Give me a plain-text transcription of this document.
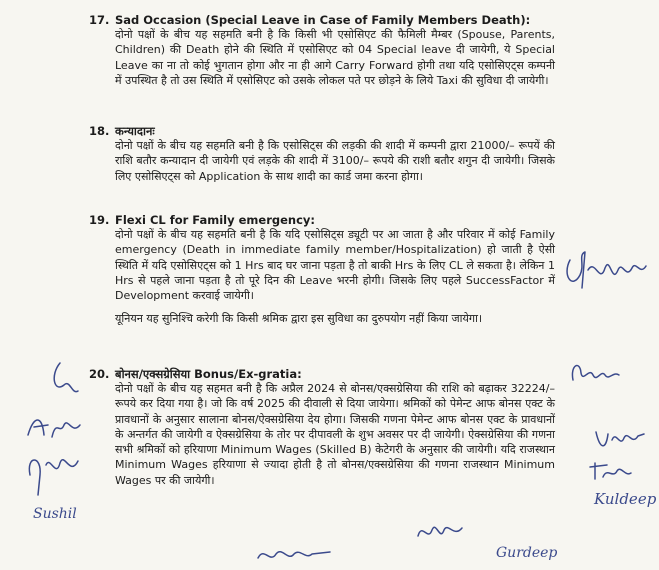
17. Sad Occasion (Special Leave in Case of Family Members Death):

दोनो पक्षों के बीच यह सहमति बनी है कि किसी भी एसोसिएट की फैमिली मैम्बर (Spouse, Parents, Children) की Death होने की स्थिति में एसोसिएट को 04 Special leave दी जायेगी, ये Special Leave का ना तो कोई भुगतान होगा और ना ही आगे Carry Forward होगी तथा यदि एसोसिएट्स कम्पनी में उपस्थित है तो उस स्थिति में एसोसिएट को उसके लोकल पते पर छोड़ने के लिये Taxi की सुविधा दी जायेगी।

18. कन्यादानः

दोनो पक्षों के बीच यह सहमति बनी है कि एसोसिट्स की लड़की की शादी में कम्पनी द्वारा 21000/– रूपयें की राशि बतौर कन्यादान दी जायेगी एवं लड़के की शादी में 3100/– रूपये की राशी बतौर शगुन दी जायेगी। जिसके लिए एसोसिएट्स को Application के साथ शादी का कार्ड जमा करना होगा।

19. Flexi CL for Family emergency:

दोनो पक्षों के बीच यह सहमति बनी है कि यदि एसोसिट्स ड्यूटी पर आ जाता है और परिवार में कोई Family emergency (Death in immediate family member/Hospitalization) हो जाती है ऐसी स्थिति में यदि एसोसिएट्स को 1 Hrs बाद घर जाना पड़ता है तो बाकी Hrs के लिए CL ले सकता है। लेकिन 1 Hrs से पहले जाना पड़ता है तो पूरे दिन की Leave भरनी होगी। जिसके लिए पहले SuccessFactor में Development करवाई जायेगी।

यूनियन यह सुनिश्चि करेगी कि किसी श्रमिक द्वारा इस सुविधा का दुरुपयोग नहीं किया जायेगा।

20. बोनस/एक्सग्रेसिया Bonus/Ex-gratia:

दोनो पक्षों के बीच यह सहमत बनी है कि अप्रैल 2024 से बोनस/एक्सग्रेसिया की राशि को बढ़ाकर 32224/– रूपये कर दिया गया है। जो कि वर्ष 2025 की दीवाली से दिया जायेगा। श्रमिकों को पेमेन्ट आफ बोनस एक्ट के प्रावधानों के अनुसार सालाना बोनस/ऐक्सग्रेसिया देय होगा। जिसकी गणना पेमेन्ट आफ बोनस एक्ट के प्रावधानों के अन्तर्गत की जायेगी व ऐक्सग्रेसिया के तोर पर दीपावली के शुभ अवसर पर दी जायेगी। ऐक्सग्रेसिया की गणना सभी श्रमिकों को हरियाणा Minimum Wages (Skilled B) केटेगरी के अनुसार की जायेगी। यदि राजस्थान Minimum Wages हरियाणा से ज्यादा होती है तो बोनस/एक्सग्रेसिया की गणना राजस्थान Minimum Wages पर की जायेगी।

Kuldeep
Sushil
Gurdeep
